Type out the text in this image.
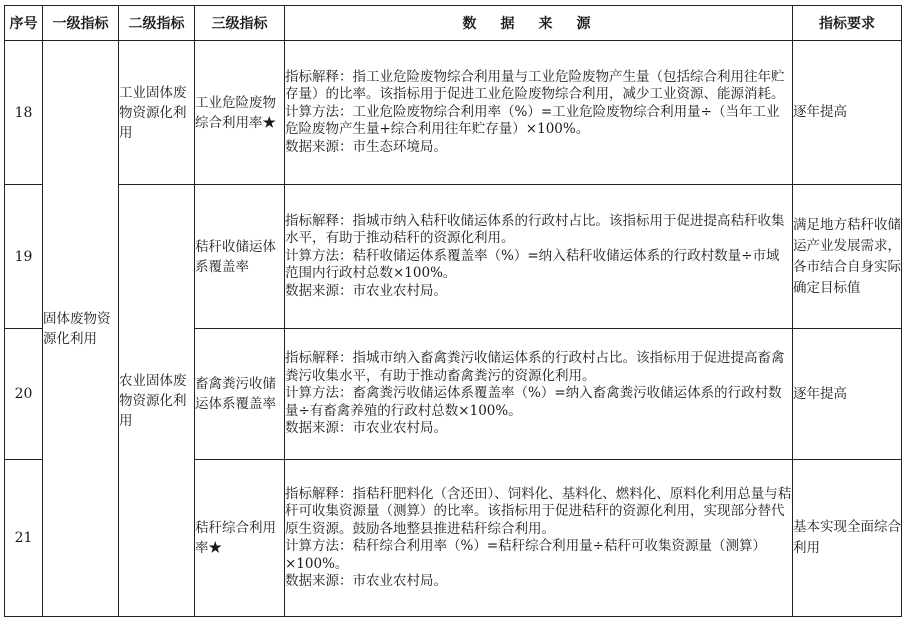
序号	一级指标	二级指标	三级指标	数据来源	指标要求
18	固体废物资源化利用	工业固体废物资源化利用	工业危险废物综合利用率★	指标解释：指工业危险废物综合利用量与工业危险废物产生量（包括综合利用往年贮存量）的比率。该指标用于促进工业危险废物综合利用，减少工业资源、能源消耗。

计算方法：工业危险废物综合利用率（%）=工业危险废物综合利用量÷（当年工业危险废物产生量+综合利用往年贮存量）×100%。

数据来源：市生态环境局。	逐年提高
19		农业固体废物资源化利用	秸秆收储运体系覆盖率	指标解释：指城市纳入秸秆收储运体系的行政村占比。该指标用于促进提高秸秆收集水平，有助于推动秸秆的资源化利用。

计算方法：秸秆收储运体系覆盖率（%）=纳入秸秆收储运体系的行政村数量÷市域范围内行政村总数×100%。

数据来源：市农业农村局。	满足地方秸秆收储运产业发展需求，各市结合自身实际确定目标值
20			畜禽粪污收储运体系覆盖率	指标解释：指城市纳入畜禽粪污收储运体系的行政村占比。该指标用于促进提高畜禽粪污收集水平，有助于推动畜禽粪污的资源化利用。

计算方法：畜禽粪污收储运体系覆盖率（%）=纳入畜禽粪污收储运体系的行政村数量÷有畜禽养殖的行政村总数×100%。

数据来源：市农业农村局。	逐年提高
21			秸秆综合利用率★	指标解释：指秸秆肥料化（含还田）、饲料化、基料化、燃料化、原料化利用总量与秸秆可收集资源量（测算）的比率。该指标用于促进秸秆的资源化利用，实现部分替代原生资源。鼓励各地整县推进秸秆综合利用。

计算方法：秸秆综合利用率（%）=秸秆综合利用量÷秸秆可收集资源量（测算）×100%。

数据来源：市农业农村局。	基本实现全面综合利用
